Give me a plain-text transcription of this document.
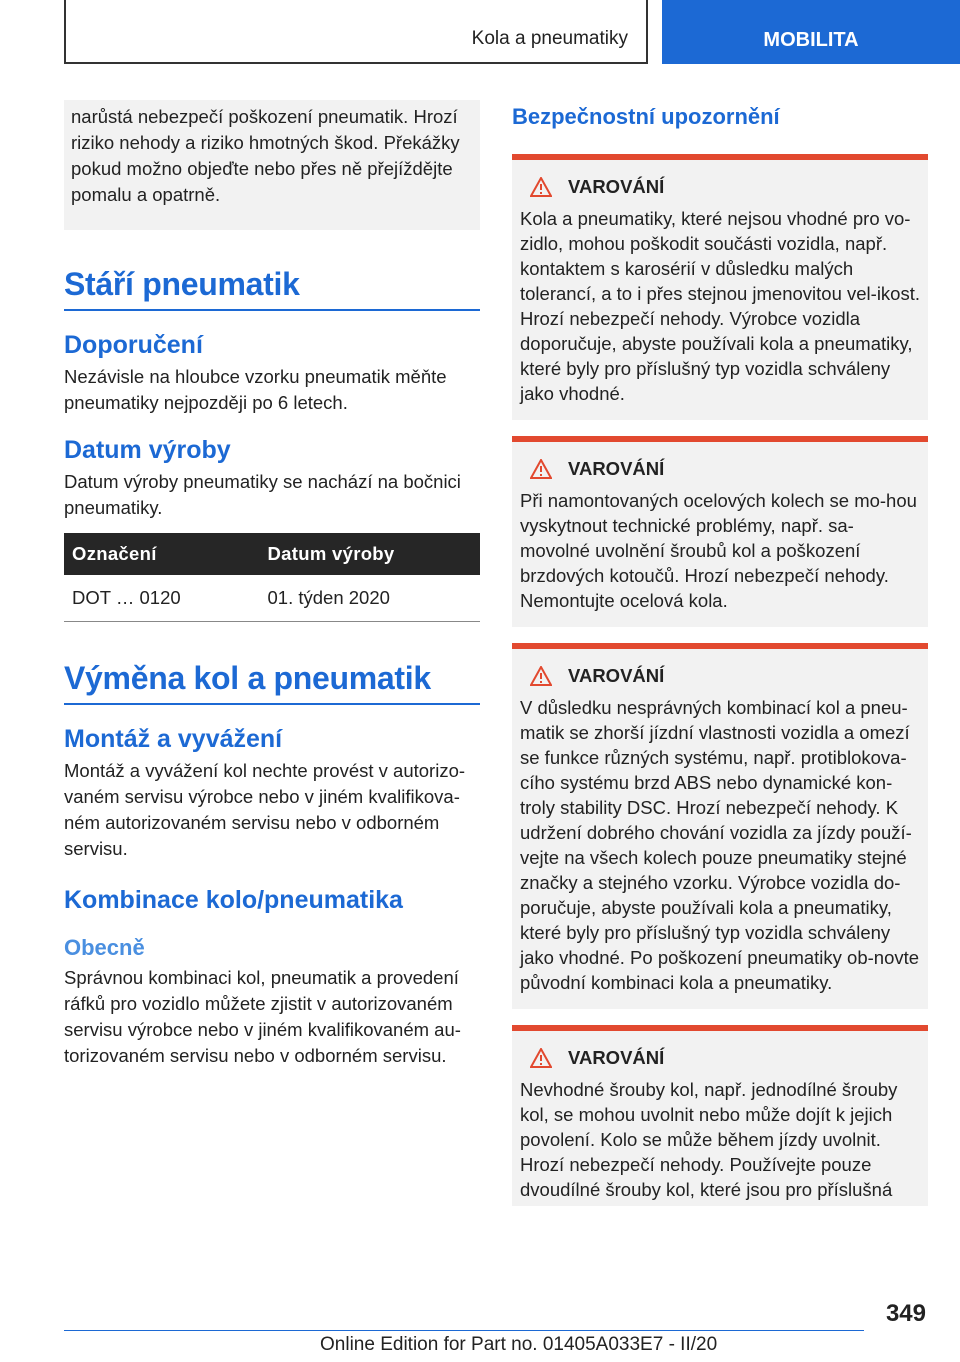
Kola a pneumatiky	MOBILITA

narůstá nebezpečí poškození pneumatik. Hrozí riziko nehody a riziko hmotných škod. Překážky pokud možno objeďte nebo přes ně přejíždějte pomalu a opatrně.

Stáří pneumatik
Doporučení

Nezávisle na hloubce vzorku pneumatik měňte pneumatiky nejpozději po 6 letech.

Datum výroby

Datum výroby pneumatiky se nachází na bočnici pneumatiky.

Označení	Datum výroby
DOT … 0120	01. týden 2020
Výměna kol a pneumatik
Montáž a vyvážení

Montáž a vyvážení kol nechte provést v autorizo-vaném servisu výrobce nebo v jiném kvalifikova-ném autorizovaném servisu nebo v odborném servisu.

Kombinace kolo/pneumatika
Obecně

Správnou kombinaci kol, pneumatik a provedení ráfků pro vozidlo můžete zjistit v autorizovaném servisu výrobce nebo v jiném kvalifikovaném au-torizovaném servisu nebo v odborném servisu.

Bezpečnostní upozornění
VAROVÁNÍ
Kola a pneumatiky, které nejsou vhodné pro vo-zidlo, mohou poškodit součásti vozidla, např. kontaktem s karosérií v důsledku malých tolerancí, a to i přes stejnou jmenovitou vel-ikost. Hrozí nebezpečí nehody. Výrobce vozidla doporučuje, abyste používali kola a pneumatiky, které byly pro příslušný typ vozidla schváleny jako vhodné.
VAROVÁNÍ
Při namontovaných ocelových kolech se mo-hou vyskytnout technické problémy, např. sa-movolné uvolnění šroubů kol a poškození brzdových kotoučů. Hrozí nebezpečí nehody. Nemontujte ocelová kola.
VAROVÁNÍ
V důsledku nesprávných kombinací kol a pneu-matik se zhorší jízdní vlastnosti vozidla a omezí se funkce různých systému, např. protiblokova-cího systému brzd ABS nebo dynamické kon-troly stability DSC. Hrozí nebezpečí nehody. K udržení dobrého chování vozidla za jízdy použí-vejte na všech kolech pouze pneumatiky stejné značky a stejného vzorku. Výrobce vozidla do-poručuje, abyste používali kola a pneumatiky, které byly pro příslušný typ vozidla schváleny jako vhodné. Po poškození pneumatiky ob-novte původní kombinaci kola a pneumatiky.
VAROVÁNÍ
Nevhodné šrouby kol, např. jednodílné šrouby kol, se mohou uvolnit nebo může dojít k jejich povolení. Kolo se může během jízdy uvolnit. Hrozí nebezpečí nehody. Používejte pouze dvoudílné šrouby kol, které jsou pro příslušná
349
Online Edition for Part no. 01405A033E7 - II/20
